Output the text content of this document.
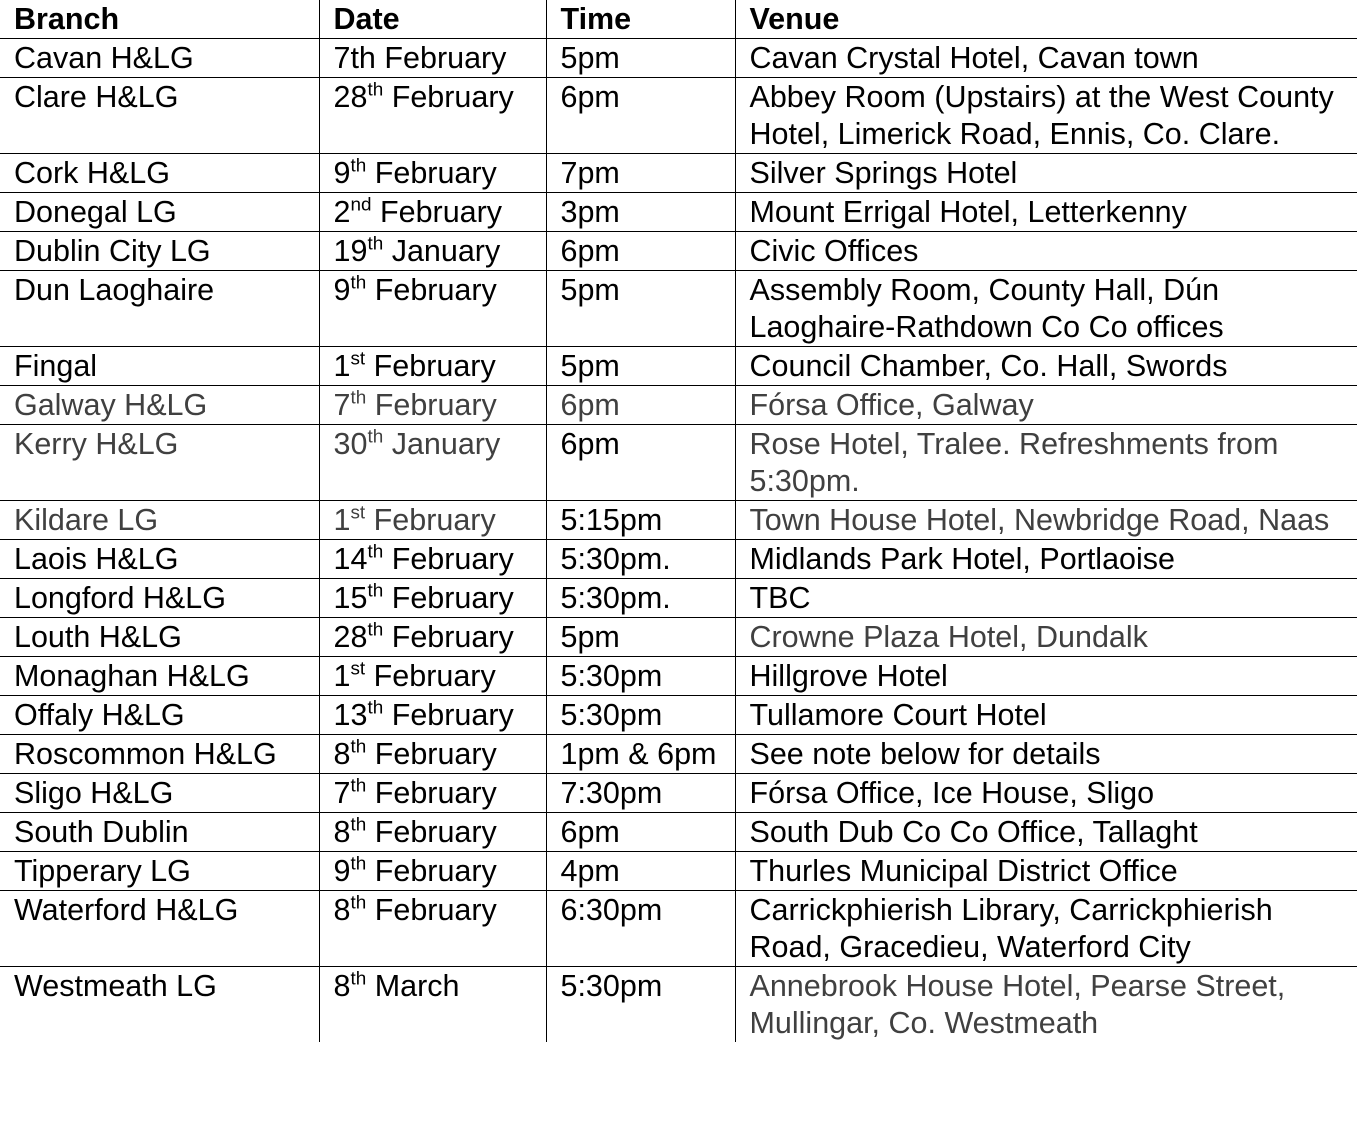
Branch	Date	Time	Venue
Cavan H&LG	7th February	5pm	Cavan Crystal Hotel, Cavan town
Clare H&LG	28th February	6pm	Abbey Room (Upstairs) at the West County Hotel, Limerick Road, Ennis, Co. Clare.
Cork H&LG	9th February	7pm	Silver Springs Hotel
Donegal LG	2nd February	3pm	Mount Errigal Hotel, Letterkenny
Dublin City LG	19th January	6pm	Civic Offices
Dun Laoghaire	9th February	5pm	Assembly Room, County Hall, Dún Laoghaire-Rathdown Co Co offices
Fingal	1st February	5pm	Council Chamber, Co. Hall, Swords
Galway H&LG	7th February	6pm	Fórsa Office, Galway
Kerry H&LG	30th January	6pm	Rose Hotel, Tralee. Refreshments from 5:30pm.
Kildare LG	1st February	5:15pm	Town House Hotel, Newbridge Road, Naas
Laois H&LG	14th February	5:30pm.	Midlands Park Hotel, Portlaoise
Longford H&LG	15th February	5:30pm.	TBC
Louth H&LG	28th February	5pm	Crowne Plaza Hotel, Dundalk
Monaghan H&LG	1st February	5:30pm	Hillgrove Hotel
Offaly H&LG	13th February	5:30pm	Tullamore Court Hotel
Roscommon H&LG	8th February	1pm & 6pm	See note below for details
Sligo H&LG	7th February	7:30pm	Fórsa Office, Ice House, Sligo
South Dublin	8th February	6pm	South Dub Co Co Office, Tallaght
Tipperary LG	9th February	4pm	Thurles Municipal District Office
Waterford H&LG	8th February	6:30pm	Carrickphierish Library, Carrickphierish Road, Gracedieu, Waterford City
Westmeath LG	8th March	5:30pm	Annebrook House Hotel, Pearse Street, Mullingar, Co. Westmeath
